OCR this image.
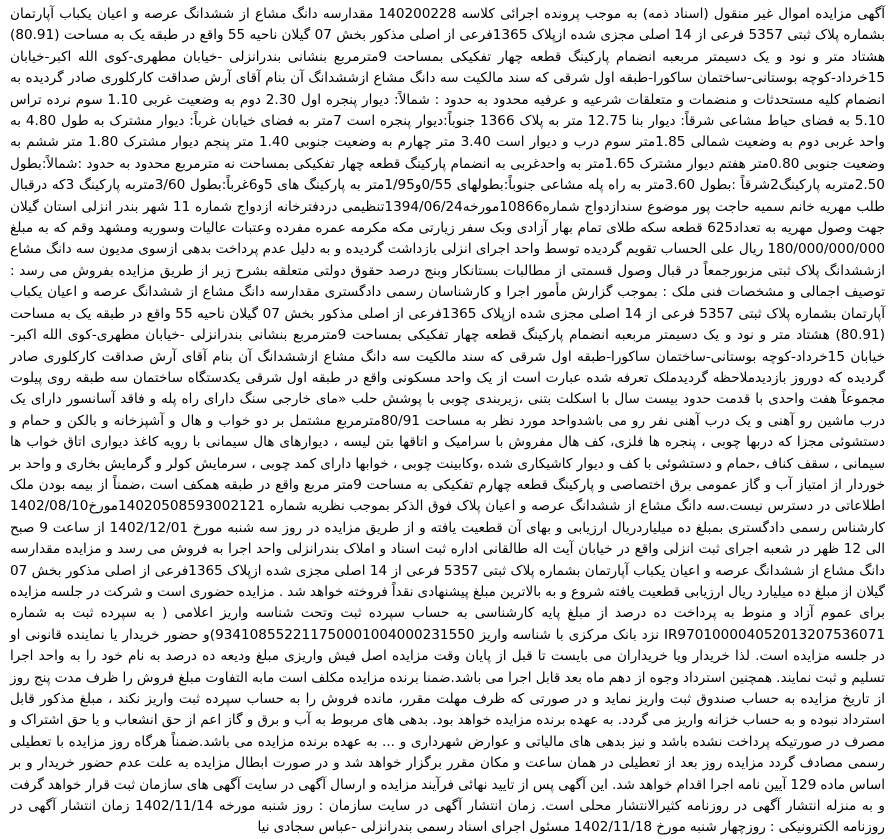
آگهی مزایده اموال غیر منقول (اسناد ذمه) به موجب پرونده اجرائی کلاسه 140200228 مقدارسه دانگ مشاع از ششدانگ عرصه و اعیان یکباب آپارتمان بشماره پلاک ثبتی 5357 فرعی از 14 اصلی مجزی شده ازپلاک 1365فرعی از اصلی مذکور بخش 07 گیلان ناحیه 55 واقع در طبقه یک به مساحت (80.91) هشتاد متر و نود و یک دسیمتر مربعبه انضمام پارکینگ قطعه چهار تفکیکی بمساحت 9مترمربع بنشانی بندرانزلی -خیابان مطهری-کوی الله اکبر-خیابان 15خرداد-کوچه بوستانی-ساختمان ساکورا-طبقه اول شرقی که سند مالکیت سه دانگ مشاع ازششدانگ آن بنام آقای آرش صداقت کارکلوری صادر گردیده به انضمام کلیه مستحدثات و منضمات و متعلقات شرعیه و عرفیه محدود به حدود : شمالاً: دیوار پنجره اول 2.30 دوم به وضعیت غربی 1.10 سوم نرده تراس 5.10 به فضای حیاط مشاعی شرقاً: دیوار بنا 12.75 متر به پلاک 1366 جنوباً:دیوار پنجره است 7متر به فضای خیابان غرباً: دیوار مشترک به طول 4.80 به واحد غربی دوم به وضعیت شمالی 1.85متر سوم درب و دیوار است 3.40 متر چهارم به وضعیت جنوبی 1.40 متر پنجم دیوار مشترک 1.80 متر ششم به وضعیت جنوبی 0.80متر هفتم دیوار مشترک 1.65متر به واحدغربی به انضمام پارکینگ قطعه چهار تفکیکی بمساحت نه مترمربع محدود به حدود :شمالاً:بطول 2.50متربه پارکینگ2شرقاً :بطول 3.60متر به راه پله مشاعی جنوباً:بطولهای 0/55و1/95متر به پارکینگ های 5و6غرباً:بطول 3/60متربه پارکینگ 3که درقبال طلب مهریه خانم سمیه حاجت پور موضوع سندازدواج شماره10866مورخه1394/06/24تنظیمی دردفترخانه ازدواج شماره 11 شهر بندر انزلی استان گیلان جهت وصول مهریه به تعداد625 قطعه سکه طلای تمام بهار آزادی وبک سفر زیارتی مکه مکرمه عمره مفرده وعتبات عالیات وسوریه ومشهد وقم که به مبلغ 180/000/000/000 ریال علی الحساب تقویم گردیده توسط واحد اجرای انزلی بازداشت گردیده و به دلیل عدم پرداخت بدهی ازسوی مدیون سه دانگ مشاع ازششدانگ پلاک ثبتی مزبورجمعاً در قبال وصول قسمتی از مطالبات بستانکار وبنج درصد حقوق دولتی متعلقه بشرح زیر از طریق مزایده بفروش می رسد : توصیف اجمالی و مشخصات فنی ملک : بموجب گزارش مأمور اجرا و کارشناسان رسمی دادگستری مقدارسه دانگ مشاع از ششدانگ عرصه و اعیان یکباب آپارتمان بشماره پلاک ثبتی 5357 فرعی از 14 اصلی مجزی شده ازپلاک 1365فرعی از اصلی مذکور بخش 07 گیلان ناحیه 55 واقع در طبقه یک به مساحت (80.91) هشتاد متر و نود و یک دسیمتر مربعبه انضمام پارکینگ قطعه چهار تفکیکی بمساحت 9مترمربع بنشانی بندرانزلی -خیابان مطهری-کوی الله اکبر-خیابان 15خرداد-کوچه بوستانی-ساختمان ساکورا-طبقه اول شرقی که سند مالکیت سه دانگ مشاع ازششدانگ آن بنام آقای آرش صداقت کارکلوری صادر گردیده که دوروز بازدیدملاحظه گردیدملک تعرفه شده عبارت است از یک واحد مسکونی واقع در طبقه اول شرقی یکدستگاه ساختمان سه طبقه روی پیلوت مجموعاً هفت واحدی با قدمت حدود بیست سال با اسکلت بتنی ،زیربندی چوبی با پوشش حلب «مای خارجی سنگ دارای راه پله و فاقد آسانسور دارای یک درب ماشین رو آهنی و یک درب آهنی نفر رو می باشدواحد مورد نظر به مساحت 80/91مترمربع مشتمل بر دو خواب و هال و آشپزخانه و بالکن و حمام و دستشوئی مجزا که دربها چوبی ، پنجره ها فلزی، کف هال مفروش با سرامیک و اتاقها بتن لیسه ، دیوارهای هال سیمانی با رویه کاغذ دیواری اتاق خواب ها سیمانی ، سقف کناف ،حمام و دستشوئی با کف و دیوار کاشیکاری شده ،وکابینت چوبی ، خوابها دارای کمد چوبی ، سرمایش کولر و گرمایش بخاری و واحد بر خوردار از امتیاز آب و گاز عمومی برق اختصاصی و پارکینگ قطعه چهارم تفکیکی به مساحت 9متر مربع واقع در طبقه همکف است ،ضمناً از بیمه بودن ملک اطلاعاتی در دسترس نیست.سه دانگ مشاع از ششدانگ عرصه و اعیان پلاک فوق الذکر بموجب نظریه شماره 14020508593002121مورخ1402/08/10 کارشناس رسمی دادگستری بمبلغ ده میلیاردریال ارزیابی و بهای آن قطعیت یافته و از طریق مزایده در روز سه شنبه مورخ 1402/12/01 از ساعت 9 صبح الی 12 ظهر در شعبه اجرای ثبت انزلی واقع در خیابان آیت اله طالقانی اداره ثبت اسناد و املاک بندرانزلی واحد اجرا به فروش می رسد و مزایده مقدارسه دانگ مشاع از ششدانگ عرصه و اعیان یکباب آپارتمان بشماره پلاک ثبتی 5357 فرعی از 14 اصلی مجزی شده ازپلاک 1365فرعی از اصلی مذکور بخش 07 گیلان از مبلغ ده میلیارد ریال ارزیابی قطعیت یافته شروع و به بالاترین مبلغ پیشنهادی نقداً فروخته خواهد شد . مزایده حضوری است و شرکت در جلسه مزایده برای عموم آزاد و منوط به پرداخت ده درصد از مبلغ پایه کارشناسی به حساب سپرده ثبت وتحت شناسه واریز اعلامی ( به سپرده ثبت به شماره IR970100004052013207536071 نزد بانک مرکزی با شناسه واریز 934108552211750001004000231550)و حضور خریدار یا نماینده قانونی او در جلسه مزایده است. لذا خریدار ویا خریداران می بایست تا قبل از پایان وقت مزایده اصل فیش واریزی مبلغ ودیعه ده درصد به نام خود را به واحد اجرا تسلیم و ثبت نمایند. همچنین استرداد وجوه از دهم ماه بعد قابل اجرا می باشد.ضمنا برنده مزایده مکلف است مابه التفاوت مبلغ فروش را ظرف مدت پنج روز از تاریخ مزایده به حساب صندوق ثبت واریز نماید و در صورتی که ظرف مهلت مقرر، مانده فروش را به حساب سپرده ثبت واریز نکند ، مبلغ مذکور قابل استرداد نبوده و به حساب خزانه واریز می گردد. به عهده برنده مزایده خواهد بود. بدهی های مربوط به آب و برق و گاز اعم از حق انشعاب و یا حق اشتراک و مصرف در صورتیکه پرداخت نشده باشد و نیز بدهی های مالیاتی و عوارض شهرداری و ... به عهده برنده مزایده می باشد.ضمناً هرگاه روز مزایده با تعطیلی رسمی مصادف گردد مزایده روز بعد از تعطیلی در همان ساعت و مکان مقرر برگزار خواهد شد و در صورت ابطال مزایده به علت عدم حضور خریدار و بر اساس ماده 129 آیین نامه اجرا اقدام خواهد شد. این آگهی پس از تایید نهائی فرآیند مزایده و ارسال آگهی در سایت آگهی های سازمان ثبت قرار خواهد گرفت و به منزله انتشار آگهی در روزنامه کثیرالانتشار محلی است. زمان انتشار آگهی در سایت سازمان : روز شنبه مورخه 1402/11/14 زمان انتشار آگهی در روزنامه الکترونیکی : روزچهار شنبه مورخ 1402/11/18 مسئول اجرای اسناد رسمی بندرانزلی -عباس سجادی نیا
